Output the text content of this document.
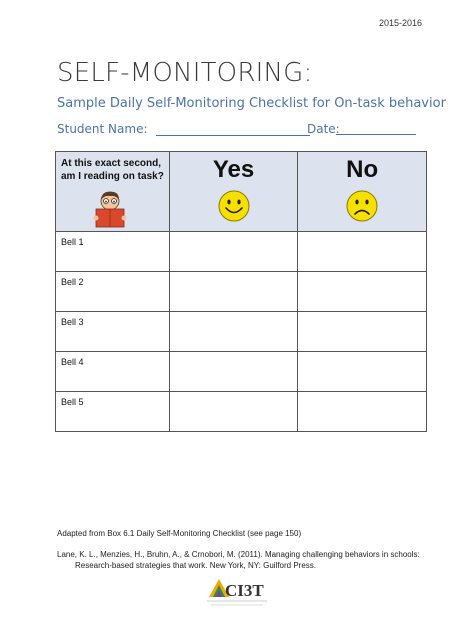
2015-2016
SELF-MONITORING:
Sample Daily Self-Monitoring Checklist for On-task behavior
Student Name:	Date:
At this exact second,
am I reading on task?	Yes	No

Bell 1		

Bell 2		

Bell 3		

Bell 4		

Bell 5		

Adapted from Box 6.1 Daily Self-Monitoring Checklist (see page 150)
Lane, K. L., Menzies, H., Bruhn, A., & Crnobori, M. (2011). Managing challenging behaviors in schools:
Research-based strategies that work. New York, NY: Guilford Press.
CI3T
